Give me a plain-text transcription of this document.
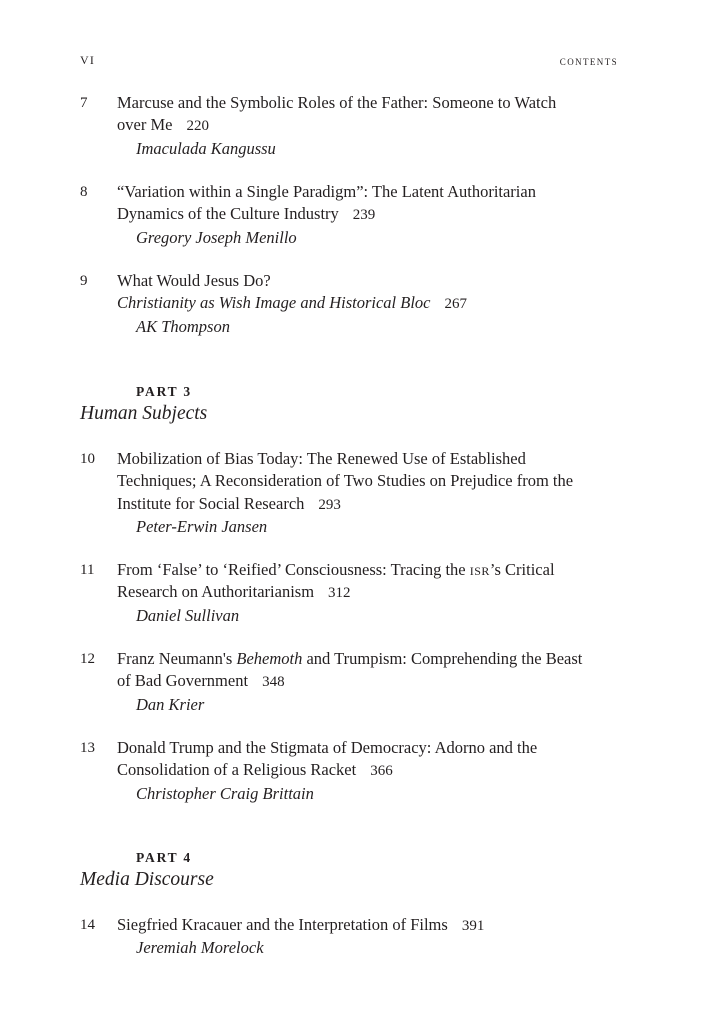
VI	contents
7	Marcuse and the Symbolic Roles of the Father: Someone to Watch
over Me 220
Imaculada Kangussu
8	“Variation within a Single Paradigm”: The Latent Authoritarian
Dynamics of the Culture Industry 239
Gregory Joseph Menillo
9	What Would Jesus Do?
Christianity as Wish Image and Historical Bloc 267
AK Thompson
PART 3
Human Subjects
10	Mobilization of Bias Today: The Renewed Use of Established
Techniques; A Reconsideration of Two Studies on Prejudice from the
Institute for Social Research 293
Peter-Erwin Jansen
11	From ‘False’ to ‘Reified’ Consciousness: Tracing the isr’s Critical
Research on Authoritarianism 312
Daniel Sullivan
12	Franz Neumann's Behemoth and Trumpism: Comprehending the Beast
of Bad Government 348
Dan Krier
13	Donald Trump and the Stigmata of Democracy: Adorno and the
Consolidation of a Religious Racket 366
Christopher Craig Brittain
PART 4
Media Discourse
14	Siegfried Kracauer and the Interpretation of Films 391
Jeremiah Morelock
